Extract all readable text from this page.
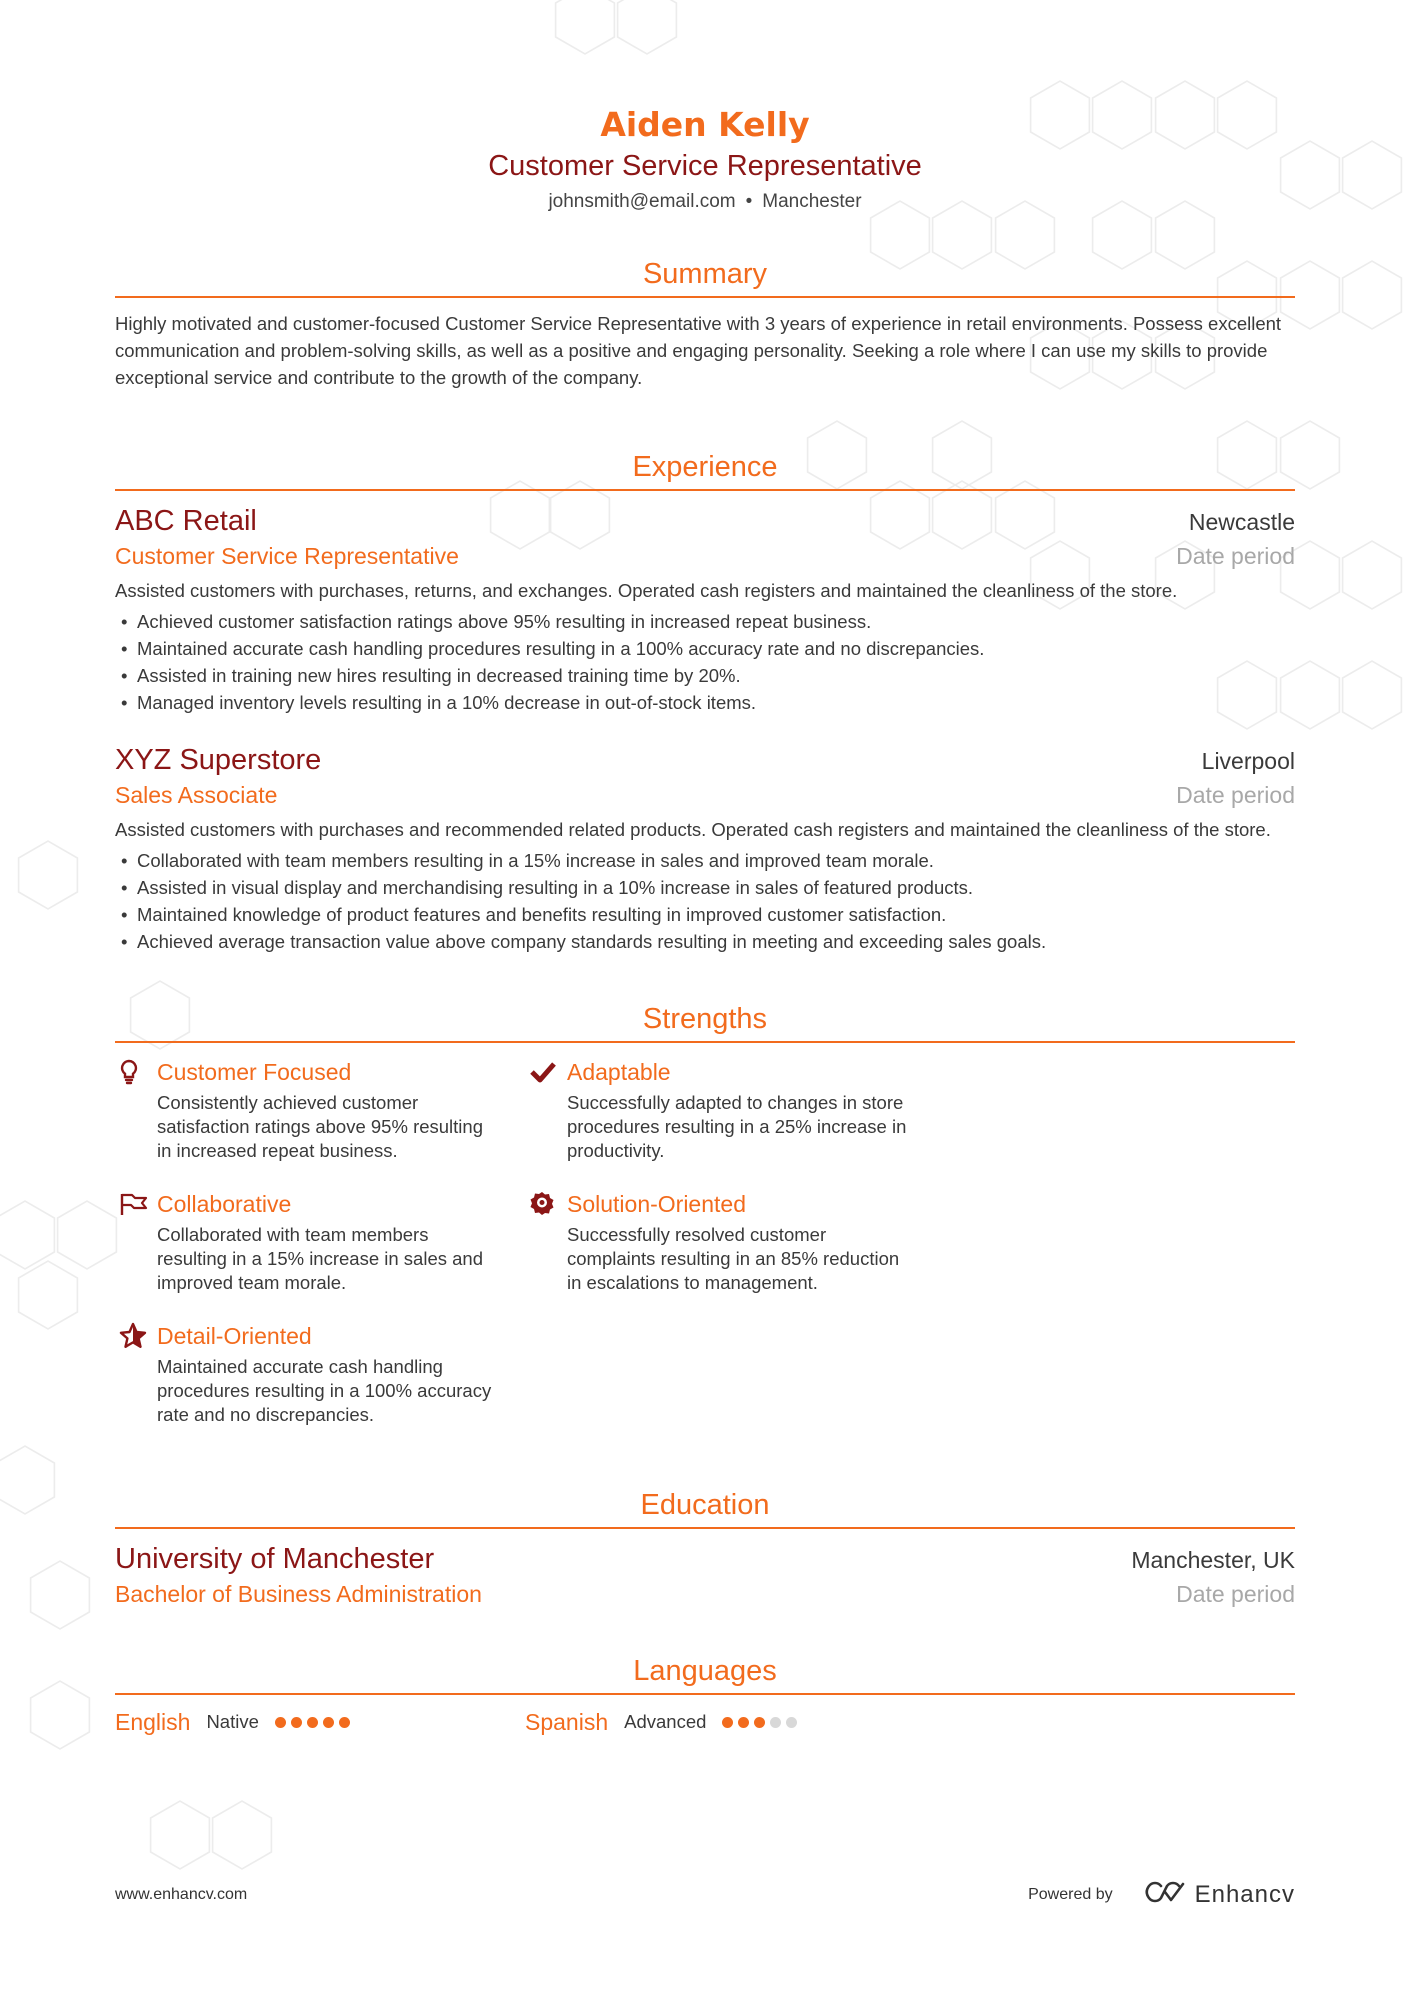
Aiden Kelly
Customer Service Representative
johnsmith@email.com • Manchester
Summary
Highly motivated and customer-focused Customer Service Representative with 3 years of experience in retail environments. Possess excellent communication and problem-solving skills, as well as a positive and engaging personality. Seeking a role where I can use my skills to provide exceptional service and contribute to the growth of the company.
Experience
ABC Retail	Newcastle
Customer Service Representative	Date period
Assisted customers with purchases, returns, and exchanges. Operated cash registers and maintained the cleanliness of the store.
• Achieved customer satisfaction ratings above 95% resulting in increased repeat business.
• Maintained accurate cash handling procedures resulting in a 100% accuracy rate and no discrepancies.
• Assisted in training new hires resulting in decreased training time by 20%.
• Managed inventory levels resulting in a 10% decrease in out-of-stock items.
XYZ Superstore	Liverpool
Sales Associate	Date period
Assisted customers with purchases and recommended related products. Operated cash registers and maintained the cleanliness of the store.
• Collaborated with team members resulting in a 15% increase in sales and improved team morale.
• Assisted in visual display and merchandising resulting in a 10% increase in sales of featured products.
• Maintained knowledge of product features and benefits resulting in improved customer satisfaction.
• Achieved average transaction value above company standards resulting in meeting and exceeding sales goals.
Strengths
Customer Focused
Consistently achieved customer satisfaction ratings above 95% resulting in increased repeat business.
Adaptable
Successfully adapted to changes in store procedures resulting in a 25% increase in productivity.
Collaborative
Collaborated with team members resulting in a 15% increase in sales and improved team morale.
Solution-Oriented
Successfully resolved customer complaints resulting in an 85% reduction in escalations to management.
Detail-Oriented
Maintained accurate cash handling procedures resulting in a 100% accuracy rate and no discrepancies.
Education
University of Manchester	Manchester, UK
Bachelor of Business Administration	Date period
Languages
English Native	Spanish Advanced
www.enhancv.com	Powered by	Enhancv
